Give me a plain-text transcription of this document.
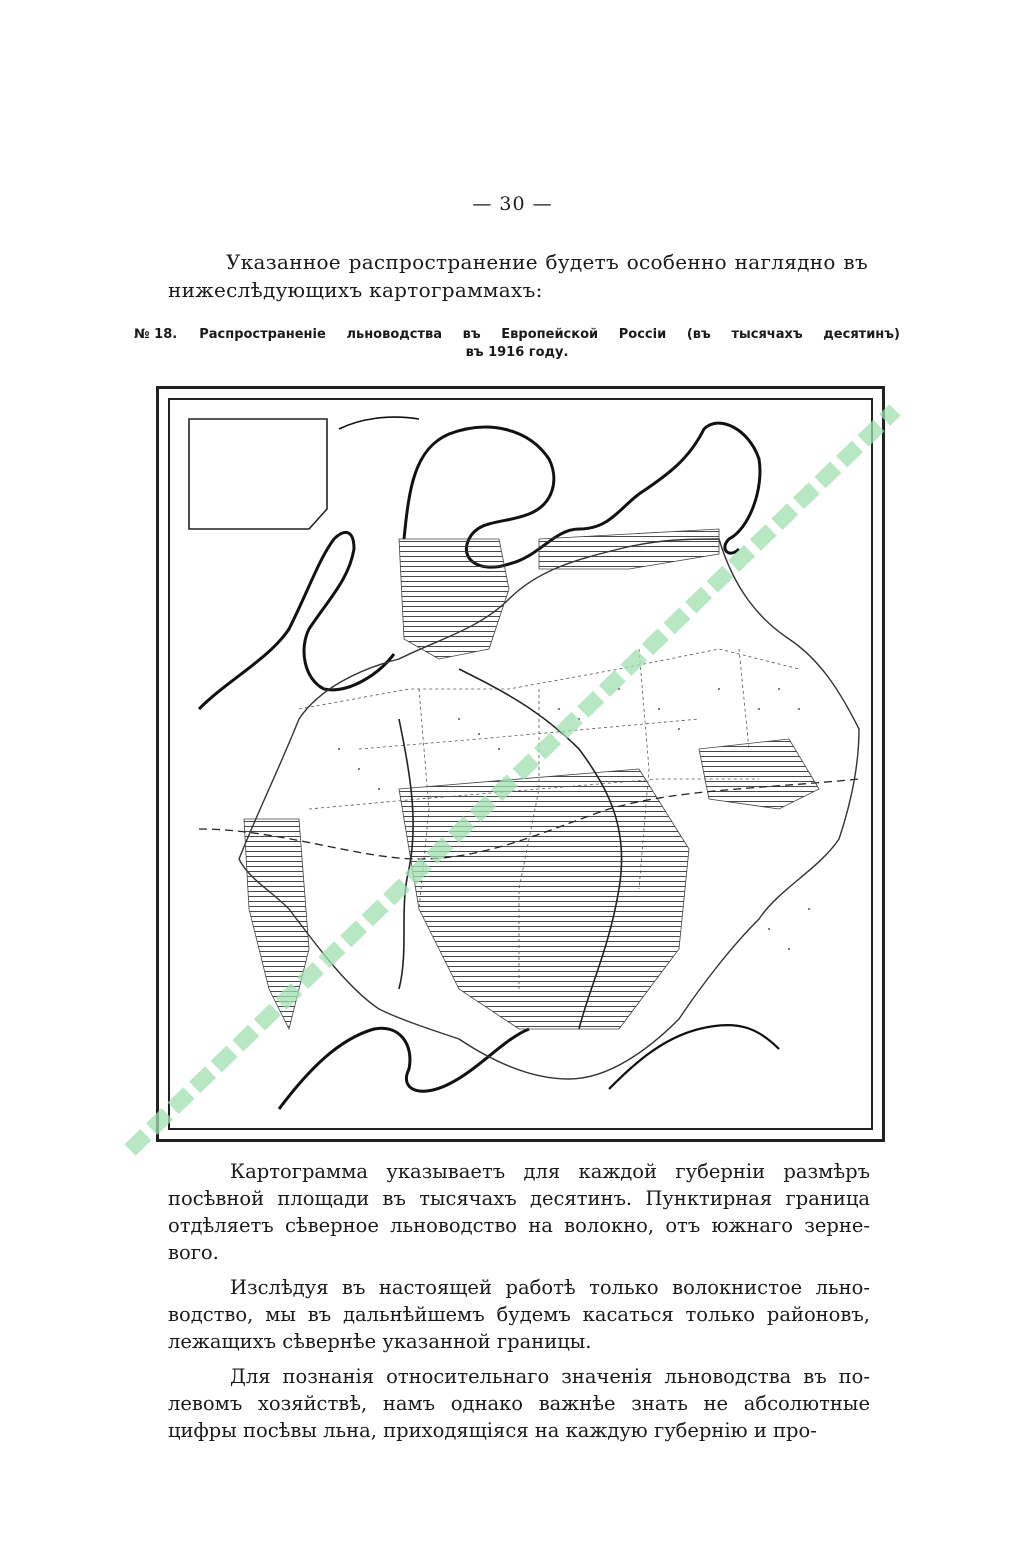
— 30 —

Указанное распространение будетъ особенно наглядно въ нижеслѣдующихъ картограммахъ:

№ 18. Распространеніе льноводства въ Европейской Россіи (въ тысячахъ десятинъ)
въ 1916 году.

Картограмма указываетъ для каждой губерніи размѣръ посѣвной площади въ тысячахъ десятинъ. Пунктирная граница отдѣляетъ сѣверное льноводство на волокно, отъ южнаго зерне-вого.

Изслѣдуя въ настоящей работѣ только волокнистое льно-водство, мы въ дальнѣйшемъ будемъ касаться только районовъ, лежащихъ сѣвернѣе указанной границы.

Для познанія относительнаго значенія льноводства въ по-левомъ хозяйствѣ, намъ однако важнѣе знать не абсолютные цифры посѣвы льна, приходящіяся на каждую губернію и про-
